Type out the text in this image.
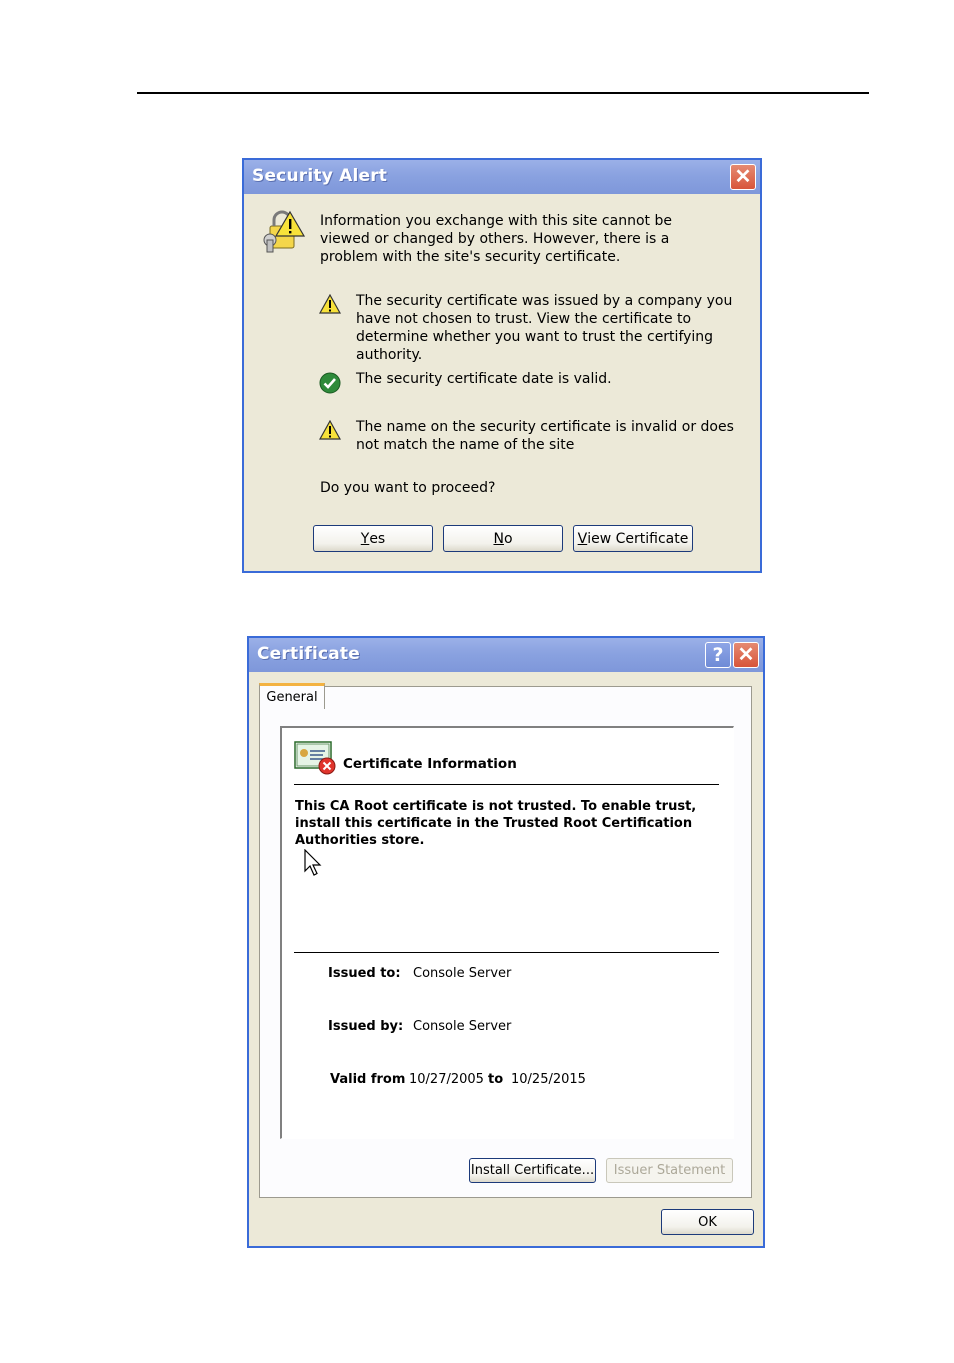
Security Alert	✕
Information you exchange with this site cannot be viewed or changed by others. However, there is a problem with the site's security certificate.
The security certificate was issued by a company you have not chosen to trust. View the certificate to determine whether you want to trust the certifying authority.
The security certificate date is valid.
The name on the security certificate is invalid or does not match the name of the site
Do you want to proceed?
Y es	N o	V iew Certificate
Certificate	? ✕
Certificate Information
This CA Root certificate is not trusted. To enable trust, install this certificate in the Trusted Root Certification Authorities store.
Issued to: Console Server
Issued by: Console Server
Valid from 10/27/2005 to 10/25/2015
Install Certificate...	Issuer Statement
General
OK
